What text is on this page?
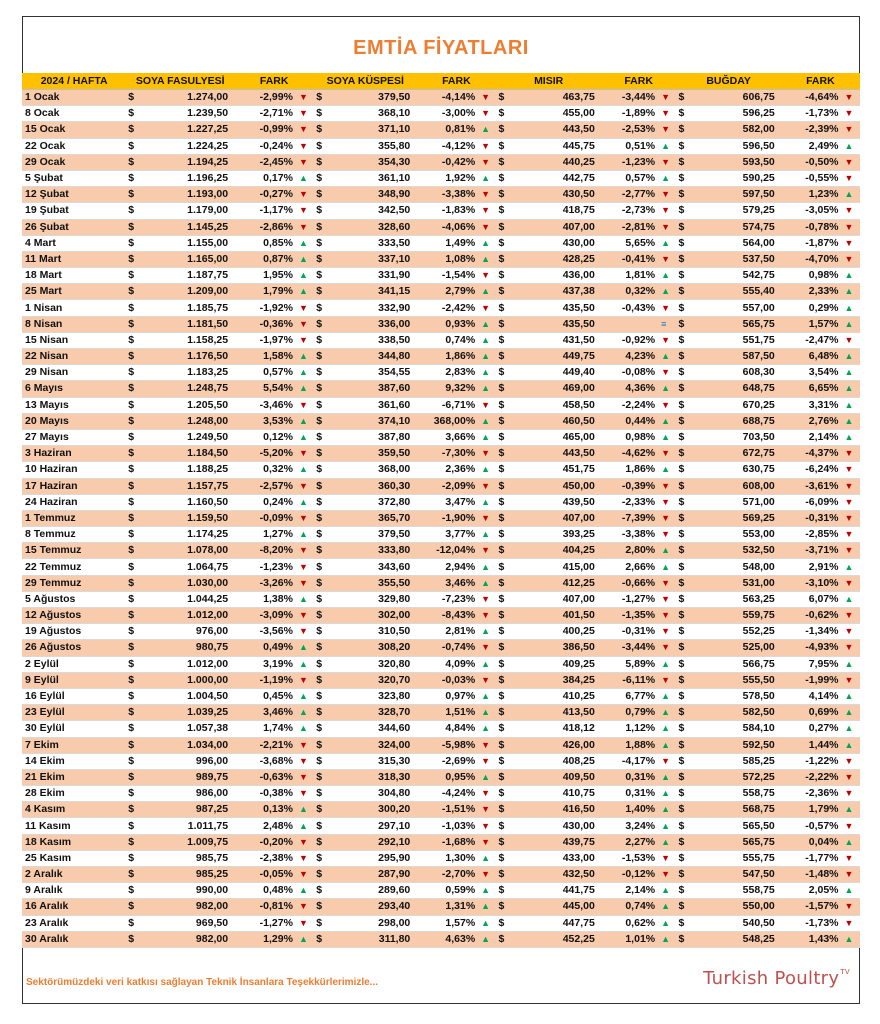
EMTİA FİYATLARI
2024 / HAFTA	SOYA FASULYESİ		FARK		SOYA KÜSPESİ		FARK		MISIR		FARK		BUĞDAY		FARK	
1 Ocak	$	1.274,00	-2,99%	▼	$	379,50	-4,14%	▼	$	463,75	-3,44%	▼	$	606,75	-4,64%	▼
8 Ocak	$	1.239,50	-2,71%	▼	$	368,10	-3,00%	▼	$	455,00	-1,89%	▼	$	596,25	-1,73%	▼
15 Ocak	$	1.227,25	-0,99%	▼	$	371,10	0,81%	▲	$	443,50	-2,53%	▼	$	582,00	-2,39%	▼
22 Ocak	$	1.224,25	-0,24%	▼	$	355,80	-4,12%	▼	$	445,75	0,51%	▲	$	596,50	2,49%	▲
29 Ocak	$	1.194,25	-2,45%	▼	$	354,30	-0,42%	▼	$	440,25	-1,23%	▼	$	593,50	-0,50%	▼
5 Şubat	$	1.196,25	0,17%	▲	$	361,10	1,92%	▲	$	442,75	0,57%	▲	$	590,25	-0,55%	▼
12 Şubat	$	1.193,00	-0,27%	▼	$	348,90	-3,38%	▼	$	430,50	-2,77%	▼	$	597,50	1,23%	▲
19 Şubat	$	1.179,00	-1,17%	▼	$	342,50	-1,83%	▼	$	418,75	-2,73%	▼	$	579,25	-3,05%	▼
26 Şubat	$	1.145,25	-2,86%	▼	$	328,60	-4,06%	▼	$	407,00	-2,81%	▼	$	574,75	-0,78%	▼
4 Mart	$	1.155,00	0,85%	▲	$	333,50	1,49%	▲	$	430,00	5,65%	▲	$	564,00	-1,87%	▼
11 Mart	$	1.165,00	0,87%	▲	$	337,10	1,08%	▲	$	428,25	-0,41%	▼	$	537,50	-4,70%	▼
18 Mart	$	1.187,75	1,95%	▲	$	331,90	-1,54%	▼	$	436,00	1,81%	▲	$	542,75	0,98%	▲
25 Mart	$	1.209,00	1,79%	▲	$	341,15	2,79%	▲	$	437,38	0,32%	▲	$	555,40	2,33%	▲
1 Nisan	$	1.185,75	-1,92%	▼	$	332,90	-2,42%	▼	$	435,50	-0,43%	▼	$	557,00	0,29%	▲
8 Nisan	$	1.181,50	-0,36%	▼	$	336,00	0,93%	▲	$	435,50		≡	$	565,75	1,57%	▲
15 Nisan	$	1.158,25	-1,97%	▼	$	338,50	0,74%	▲	$	431,50	-0,92%	▼	$	551,75	-2,47%	▼
22 Nisan	$	1.176,50	1,58%	▲	$	344,80	1,86%	▲	$	449,75	4,23%	▲	$	587,50	6,48%	▲
29 Nisan	$	1.183,25	0,57%	▲	$	354,55	2,83%	▲	$	449,40	-0,08%	▼	$	608,30	3,54%	▲
6 Mayıs	$	1.248,75	5,54%	▲	$	387,60	9,32%	▲	$	469,00	4,36%	▲	$	648,75	6,65%	▲
13 Mayıs	$	1.205,50	-3,46%	▼	$	361,60	-6,71%	▼	$	458,50	-2,24%	▼	$	670,25	3,31%	▲
20 Mayıs	$	1.248,00	3,53%	▲	$	374,10	368,00%	▲	$	460,50	0,44%	▲	$	688,75	2,76%	▲
27 Mayıs	$	1.249,50	0,12%	▲	$	387,80	3,66%	▲	$	465,00	0,98%	▲	$	703,50	2,14%	▲
3 Haziran	$	1.184,50	-5,20%	▼	$	359,50	-7,30%	▼	$	443,50	-4,62%	▼	$	672,75	-4,37%	▼
10 Haziran	$	1.188,25	0,32%	▲	$	368,00	2,36%	▲	$	451,75	1,86%	▲	$	630,75	-6,24%	▼
17 Haziran	$	1.157,75	-2,57%	▼	$	360,30	-2,09%	▼	$	450,00	-0,39%	▼	$	608,00	-3,61%	▼
24 Haziran	$	1.160,50	0,24%	▲	$	372,80	3,47%	▲	$	439,50	-2,33%	▼	$	571,00	-6,09%	▼
1 Temmuz	$	1.159,50	-0,09%	▼	$	365,70	-1,90%	▼	$	407,00	-7,39%	▼	$	569,25	-0,31%	▼
8 Temmuz	$	1.174,25	1,27%	▲	$	379,50	3,77%	▲	$	393,25	-3,38%	▼	$	553,00	-2,85%	▼
15 Temmuz	$	1.078,00	-8,20%	▼	$	333,80	-12,04%	▼	$	404,25	2,80%	▲	$	532,50	-3,71%	▼
22 Temmuz	$	1.064,75	-1,23%	▼	$	343,60	2,94%	▲	$	415,00	2,66%	▲	$	548,00	2,91%	▲
29 Temmuz	$	1.030,00	-3,26%	▼	$	355,50	3,46%	▲	$	412,25	-0,66%	▼	$	531,00	-3,10%	▼
5 Ağustos	$	1.044,25	1,38%	▲	$	329,80	-7,23%	▼	$	407,00	-1,27%	▼	$	563,25	6,07%	▲
12 Ağustos	$	1.012,00	-3,09%	▼	$	302,00	-8,43%	▼	$	401,50	-1,35%	▼	$	559,75	-0,62%	▼
19 Ağustos	$	976,00	-3,56%	▼	$	310,50	2,81%	▲	$	400,25	-0,31%	▼	$	552,25	-1,34%	▼
26 Ağustos	$	980,75	0,49%	▲	$	308,20	-0,74%	▼	$	386,50	-3,44%	▼	$	525,00	-4,93%	▼
2 Eylül	$	1.012,00	3,19%	▲	$	320,80	4,09%	▲	$	409,25	5,89%	▲	$	566,75	7,95%	▲
9 Eylül	$	1.000,00	-1,19%	▼	$	320,70	-0,03%	▼	$	384,25	-6,11%	▼	$	555,50	-1,99%	▼
16 Eylül	$	1.004,50	0,45%	▲	$	323,80	0,97%	▲	$	410,25	6,77%	▲	$	578,50	4,14%	▲
23 Eylül	$	1.039,25	3,46%	▲	$	328,70	1,51%	▲	$	413,50	0,79%	▲	$	582,50	0,69%	▲
30 Eylül	$	1.057,38	1,74%	▲	$	344,60	4,84%	▲	$	418,12	1,12%	▲	$	584,10	0,27%	▲
7 Ekim	$	1.034,00	-2,21%	▼	$	324,00	-5,98%	▼	$	426,00	1,88%	▲	$	592,50	1,44%	▲
14 Ekim	$	996,00	-3,68%	▼	$	315,30	-2,69%	▼	$	408,25	-4,17%	▼	$	585,25	-1,22%	▼
21 Ekim	$	989,75	-0,63%	▼	$	318,30	0,95%	▲	$	409,50	0,31%	▲	$	572,25	-2,22%	▼
28 Ekim	$	986,00	-0,38%	▼	$	304,80	-4,24%	▼	$	410,75	0,31%	▲	$	558,75	-2,36%	▼
4 Kasım	$	987,25	0,13%	▲	$	300,20	-1,51%	▼	$	416,50	1,40%	▲	$	568,75	1,79%	▲
11 Kasım	$	1.011,75	2,48%	▲	$	297,10	-1,03%	▼	$	430,00	3,24%	▲	$	565,50	-0,57%	▼
18 Kasım	$	1.009,75	-0,20%	▼	$	292,10	-1,68%	▼	$	439,75	2,27%	▲	$	565,75	0,04%	▲
25 Kasım	$	985,75	-2,38%	▼	$	295,90	1,30%	▲	$	433,00	-1,53%	▼	$	555,75	-1,77%	▼
2 Aralık	$	985,25	-0,05%	▼	$	287,90	-2,70%	▼	$	432,50	-0,12%	▼	$	547,50	-1,48%	▼
9 Aralık	$	990,00	0,48%	▲	$	289,60	0,59%	▲	$	441,75	2,14%	▲	$	558,75	2,05%	▲
16 Aralık	$	982,00	-0,81%	▼	$	293,40	1,31%	▲	$	445,00	0,74%	▲	$	550,00	-1,57%	▼
23 Aralık	$	969,50	-1,27%	▼	$	298,00	1,57%	▲	$	447,75	0,62%	▲	$	540,50	-1,73%	▼
30 Aralık	$	982,00	1,29%	▲	$	311,80	4,63%	▲	$	452,25	1,01%	▲	$	548,25	1,43%	▲
Sektörümüzdeki veri katkısı sağlayan Teknik İnsanlara Teşekkürlerimizle...	Turkish Poultry$^{TV}$
